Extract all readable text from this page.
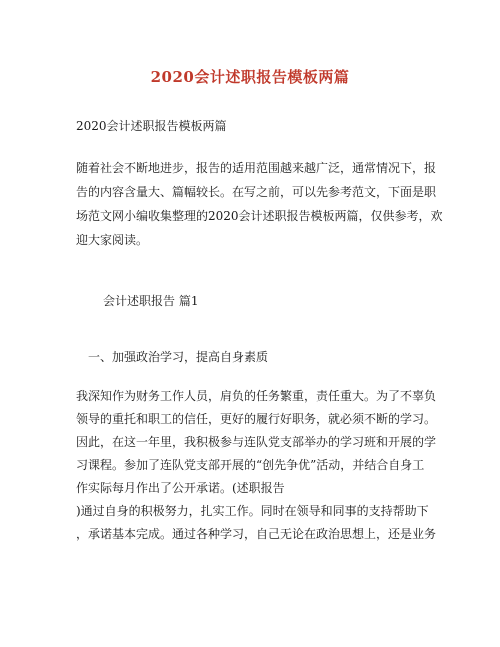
2020会计述职报告模板两篇
2020会计述职报告模板两篇
随着社会不断地进步，报告的适用范围越来越广泛，通常情况下，报
告的内容含量大、篇幅较长。在写之前，可以先参考范文，下面是职
场范文网小编收集整理的2020会计述职报告模板两篇，仅供参考，欢
迎大家阅读。
会计述职报告 篇1
一、加强政治学习，提高自身素质
我深知作为财务工作人员，肩负的任务繁重，责任重大。为了不辜负
领导的重托和职工的信任，更好的履行好职务，就必须不断的学习。
因此，在这一年里，我积极参与连队党支部举办的学习班和开展的学
习课程。参加了连队党支部开展的“创先争优”活动，并结合自身工
作实际每月作出了公开承诺。(述职报告
)通过自身的积极努力，扎实工作。同时在领导和同事的支持帮助下
，承诺基本完成。通过各种学习，自己无论在政治思想上，还是业务
